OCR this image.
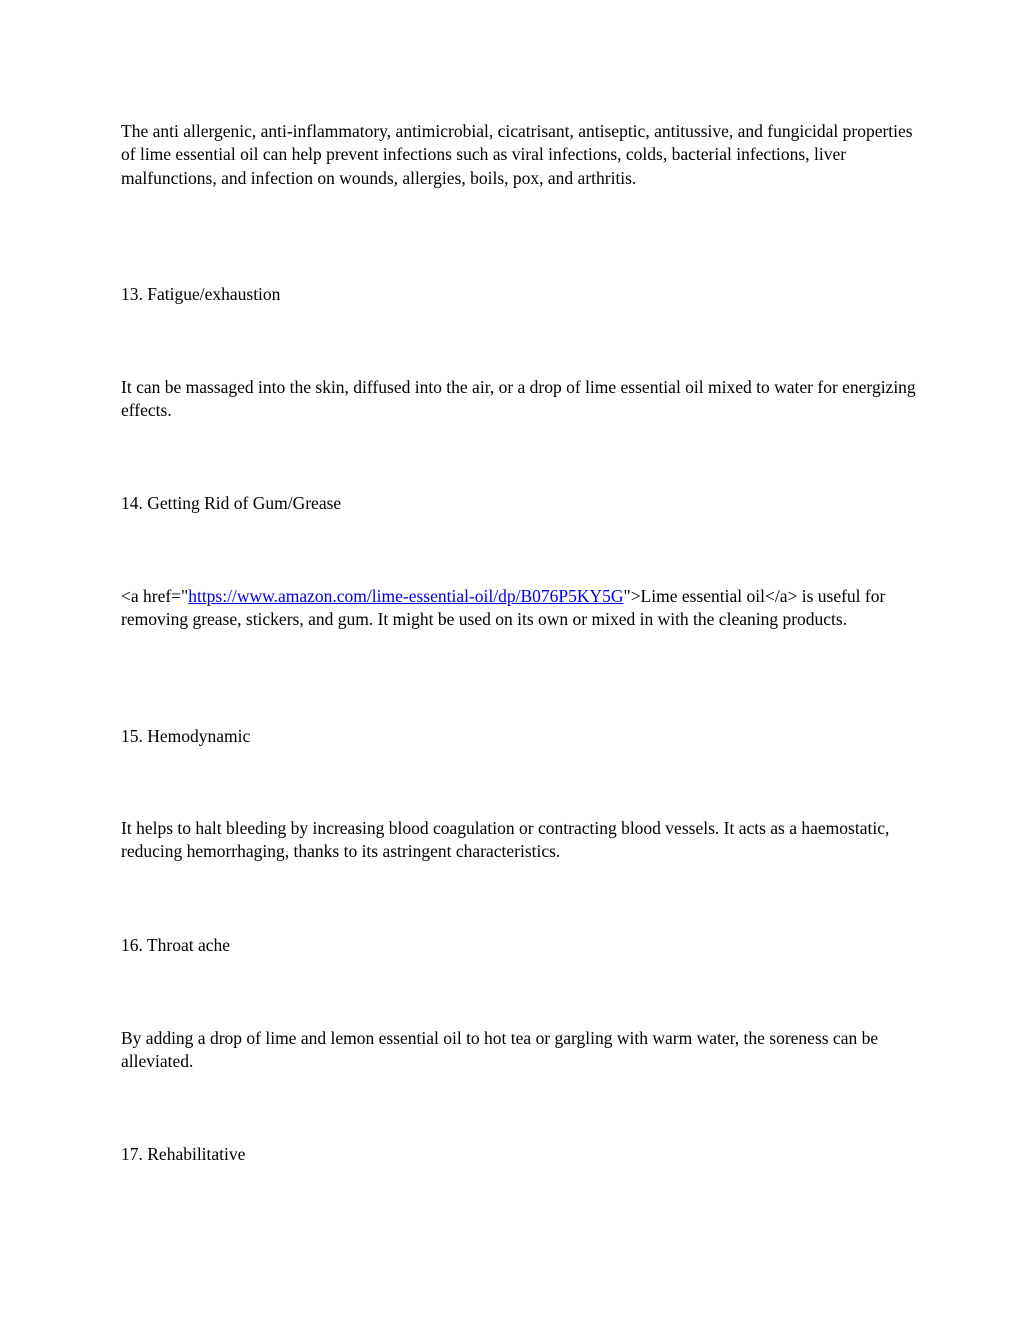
The anti allergenic, anti-inflammatory, antimicrobial, cicatrisant, antiseptic, antitussive, and fungicidal properties of lime essential oil can help prevent infections such as viral infections, colds, bacterial infections, liver malfunctions, and infection on wounds, allergies, boils, pox, and arthritis.

13. Fatigue/exhaustion

It can be massaged into the skin, diffused into the air, or a drop of lime essential oil mixed to water for energizing effects.

14. Getting Rid of Gum/Grease

<a href="https://www.amazon.com/lime-essential-oil/dp/B076P5KY5G">Lime essential oil</a> is useful for removing grease, stickers, and gum. It might be used on its own or mixed in with the cleaning products.

15. Hemodynamic

It helps to halt bleeding by increasing blood coagulation or contracting blood vessels. It acts as a haemostatic, reducing hemorrhaging, thanks to its astringent characteristics.

16. Throat ache

By adding a drop of lime and lemon essential oil to hot tea or gargling with warm water, the soreness can be alleviated.

17. Rehabilitative
